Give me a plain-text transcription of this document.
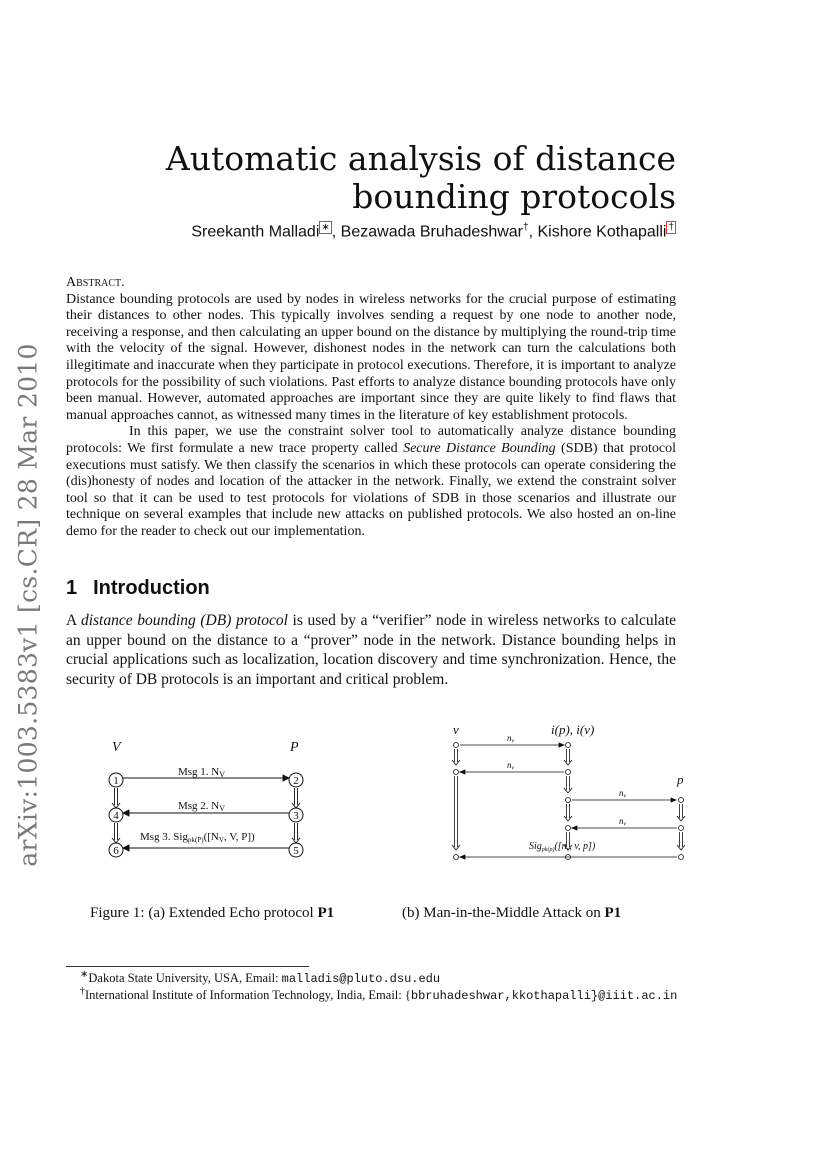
arXiv:1003.5383v1 [cs.CR] 28 Mar 2010
Automatic analysis of distance
bounding protocols
Sreekanth Malladi ∗ , Bezawada Bruhadeshwar†, Kishore Kothapalli †
Abstract.

Distance bounding protocols are used by nodes in wireless networks for the crucial purpose of estimating their distances to other nodes. This typically involves sending a request by one node to another node, receiving a response, and then calculating an upper bound on the distance by multiplying the round-trip time with the velocity of the signal. However, dishonest nodes in the network can turn the calculations both illegitimate and inaccurate when they participate in protocol executions. Therefore, it is important to analyze protocols for the possibility of such violations. Past efforts to analyze distance bounding protocols have only been manual. However, automated approaches are important since they are quite likely to find flaws that manual approaches cannot, as witnessed many times in the literature of key establishment protocols.

In this paper, we use the constraint solver tool to automatically analyze distance bounding protocols: We first formulate a new trace property called Secure Distance Bounding (SDB) that protocol executions must satisfy. We then classify the scenarios in which these protocols can operate considering the (dis)honesty of nodes and location of the attacker in the network. Finally, we extend the constraint solver tool so that it can be used to test protocols for violations of SDB in those scenarios and illustrate our technique on several examples that include new attacks on published protocols. We also hosted an on-line demo for the reader to check out our implementation.

1 Introduction

A distance bounding (DB) protocol is used by a “verifier” node in wireless networks to calculate an upper bound on the distance to a “prover” node in the network. Distance bounding helps in crucial applications such as localization, location discovery and time synchronization. Hence, the security of DB protocols is an important and critical problem.

V	P
1
4
6
2
3
5
Msg 1. NV
Msg 2. NV
Msg 3. Sigpk(P)([NV, V, P])
v	i(p), i(v)
p
nv
nv
nv
nv
$Sig_{pk(p)}([n_v$, v, p])
Figure 1: (a) Extended Echo protocol P1	(b) Man-in-the-Middle Attack on P1
∗Dakota State University, USA, Email: malladis@pluto.dsu.edu
†International Institute of Information Technology, India, Email: {bbruhadeshwar,kkothapalli}@iiit.ac.in
